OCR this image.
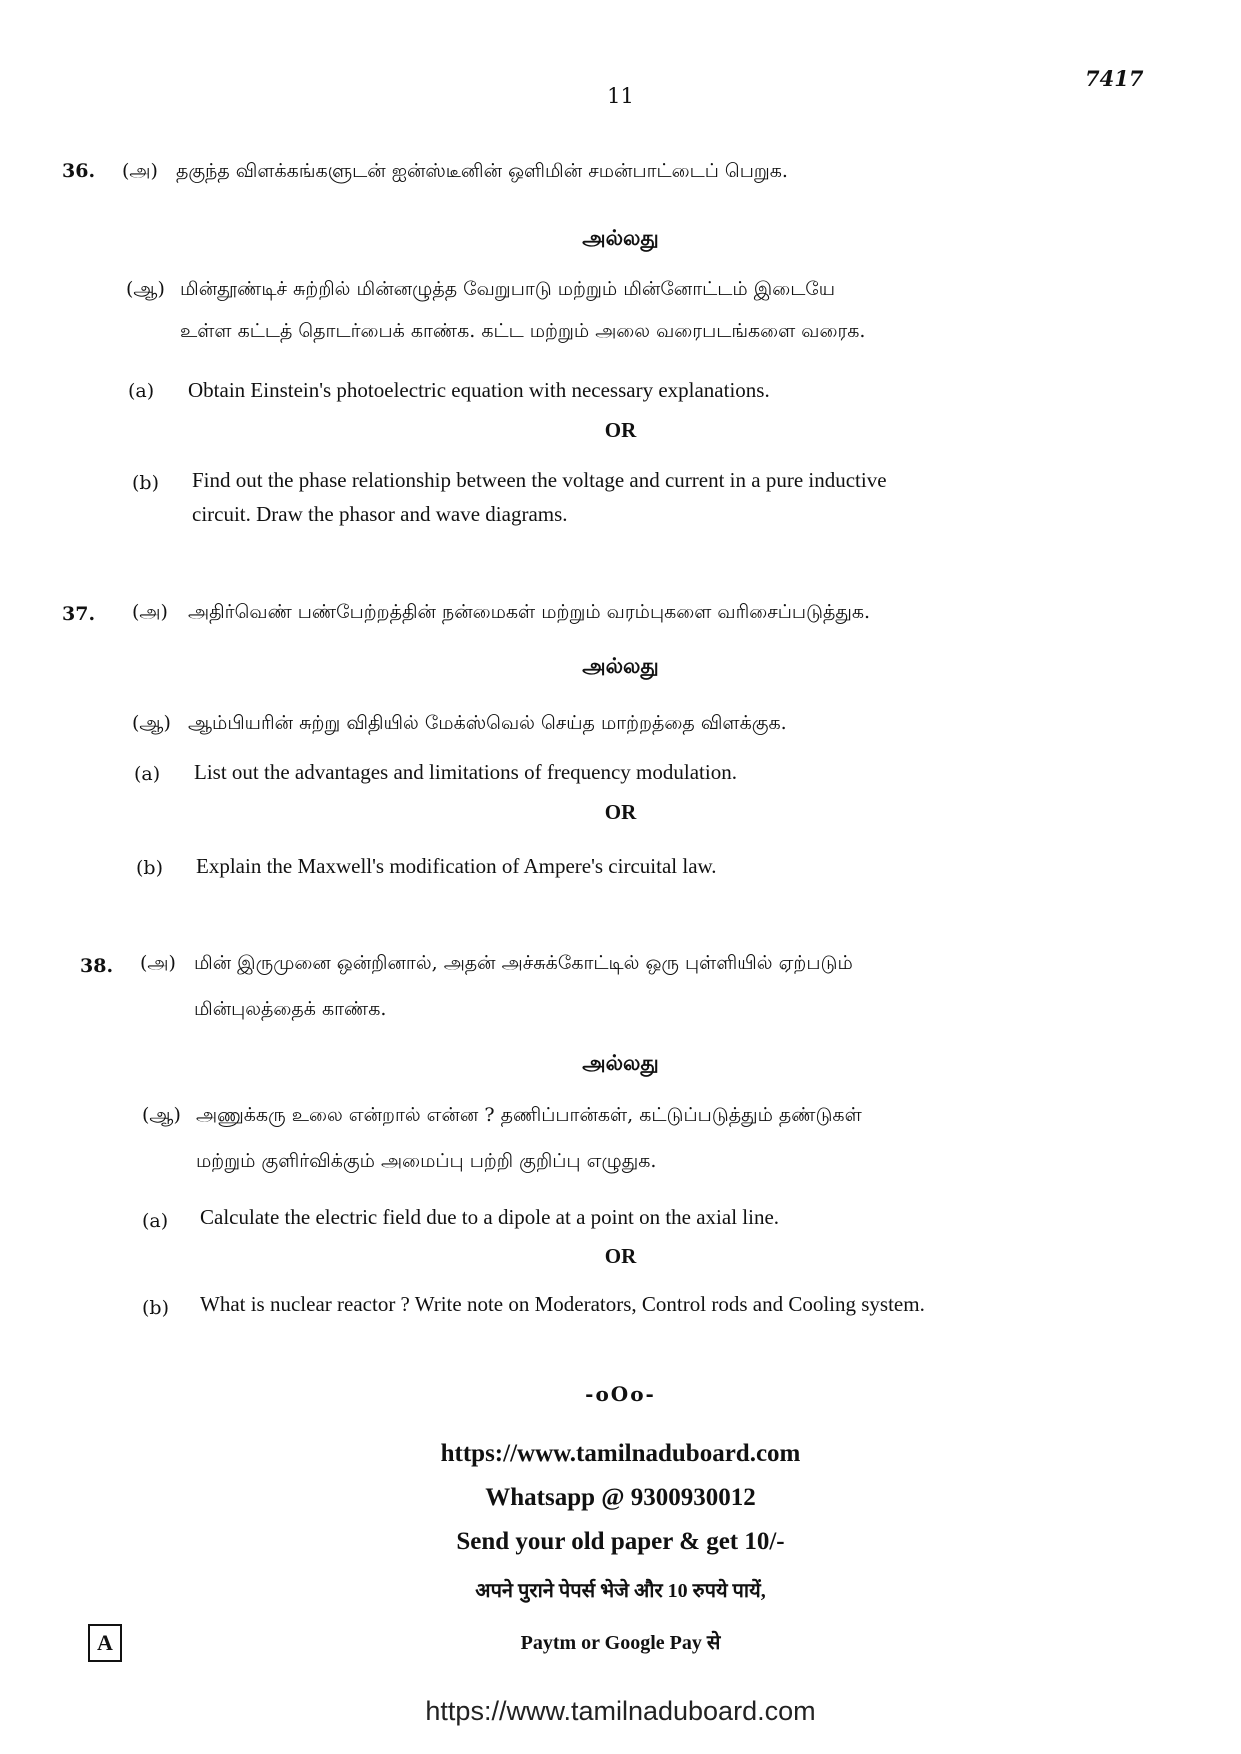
11
7417
36. (அ) தகுந்த விளக்கங்களுடன் ஐன்ஸ்டீனின் ஒளிமின் சமன்பாட்டைப் பெறுக.
அல்லது
(ஆ) மின்தூண்டிச் சுற்றில் மின்னழுத்த வேறுபாடு மற்றும் மின்னோட்டம் இடையே
உள்ள கட்டத் தொடர்பைக் காண்க. கட்ட மற்றும் அலை வரைபடங்களை வரைக.
(a) Obtain Einstein's photoelectric equation with necessary explanations.
OR
(b) Find out the phase relationship between the voltage and current in a pure inductive
circuit. Draw the phasor and wave diagrams.
37. (அ) அதிர்வெண் பண்பேற்றத்தின் நன்மைகள் மற்றும் வரம்புகளை வரிசைப்படுத்துக.
அல்லது
(ஆ) ஆம்பியரின் சுற்று விதியில் மேக்ஸ்வெல் செய்த மாற்றத்தை விளக்குக.
(a) List out the advantages and limitations of frequency modulation.
OR
(b) Explain the Maxwell's modification of Ampere's circuital law.
38. (அ) மின் இருமுனை ஒன்றினால், அதன் அச்சுக்கோட்டில் ஒரு புள்ளியில் ஏற்படும்
மின்புலத்தைக் காண்க.
அல்லது
(ஆ) அணுக்கரு உலை என்றால் என்ன ? தணிப்பான்கள், கட்டுப்படுத்தும் தண்டுகள்
மற்றும் குளிர்விக்கும் அமைப்பு பற்றி குறிப்பு எழுதுக.
(a) Calculate the electric field due to a dipole at a point on the axial line.
OR
(b) What is nuclear reactor ? Write note on Moderators, Control rods and Cooling system.
-oOo-
https://www.tamilnaduboard.com
Whatsapp @ 9300930012
Send your old paper & get 10/-
अपने पुराने पेपर्स भेजे और 10 रुपये पायें,
Paytm or Google Pay से
A
https://www.tamilnaduboard.com
